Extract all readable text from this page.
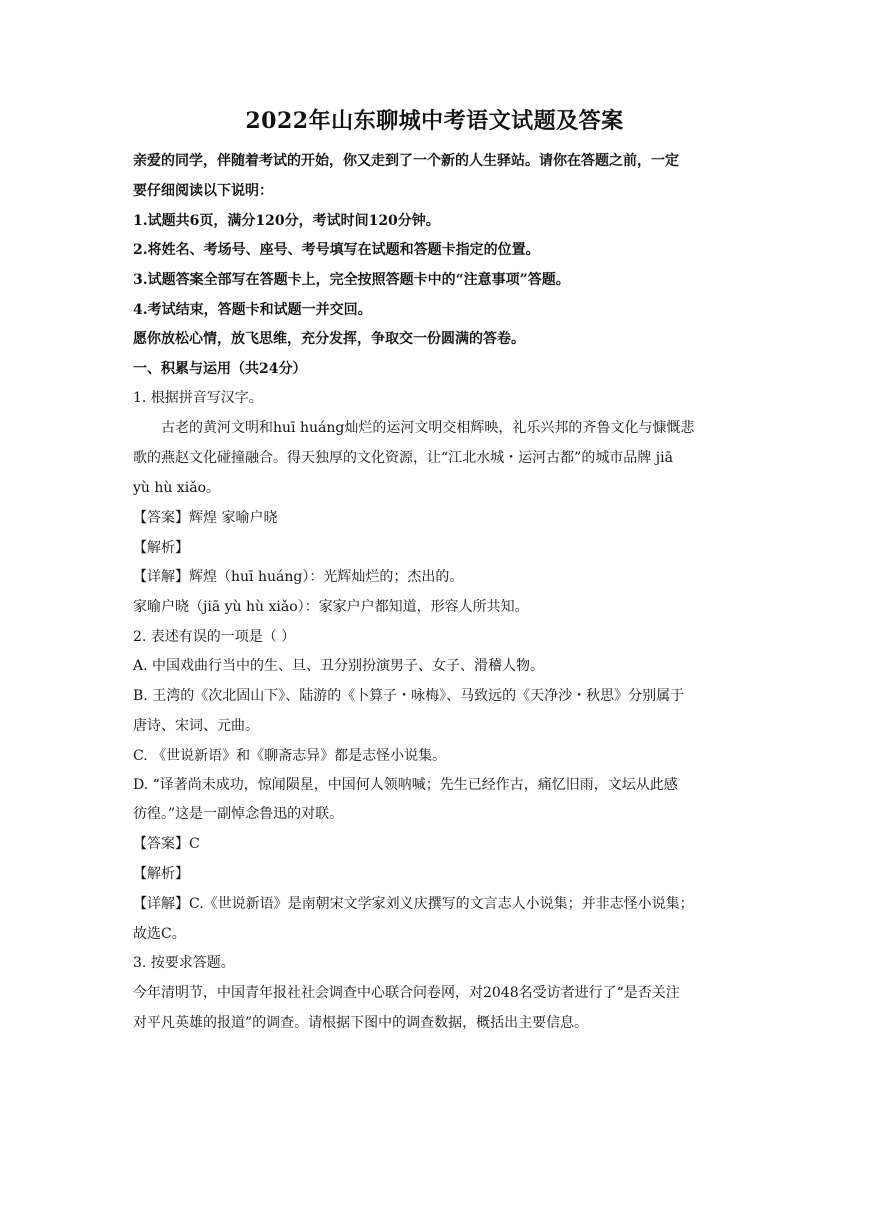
2022年山东聊城中考语文试题及答案
亲爱的同学，伴随着考试的开始，你又走到了一个新的人生驿站。请你在答题之前，一定
要仔细阅读以下说明：
1.试题共6页，满分120分，考试时间120分钟。
2.将姓名、考场号、座号、考号填写在试题和答题卡指定的位置。
3.试题答案全部写在答题卡上，完全按照答题卡中的“注意事项”答题。
4.考试结束，答题卡和试题一并交回。
愿你放松心情，放飞思维，充分发挥，争取交一份圆满的答卷。
一、积累与运用（共24分）
1. 根据拼音写汉字。
古老的黄河文明和huī huáng灿烂的运河文明交相辉映，礼乐兴邦的齐鲁文化与慷慨悲
歌的燕赵文化碰撞融合。得天独厚的文化资源，让“江北水城・运河古都”的城市品牌 jiā
yù hù xiǎo。
【答案】辉煌 家喻户晓
【解析】
【详解】辉煌（huī huáng）：光辉灿烂的；杰出的。
家喻户晓（jiā yù hù xiǎo）：家家户户都知道，形容人所共知。
2. 表述有误的一项是（ ）
A. 中国戏曲行当中的生、旦、丑分别扮演男子、女子、滑稽人物。
B. 王湾的《次北固山下》、陆游的《卜算子・咏梅》、马致远的《天净沙・秋思》分别属于
唐诗、宋词、元曲。
C. 《世说新语》和《聊斋志异》都是志怪小说集。
D. “译著尚未成功，惊闻陨星，中国何人领呐喊；先生已经作古，痛忆旧雨，文坛从此感
彷徨。”这是一副悼念鲁迅的对联。
【答案】C
【解析】
【详解】C.《世说新语》是南朝宋文学家刘义庆撰写的文言志人小说集；并非志怪小说集；
故选C。
3. 按要求答题。
今年清明节，中国青年报社社会调查中心联合问卷网，对2048名受访者进行了“是否关注
对平凡英雄的报道”的调查。请根据下图中的调查数据，概括出主要信息。
